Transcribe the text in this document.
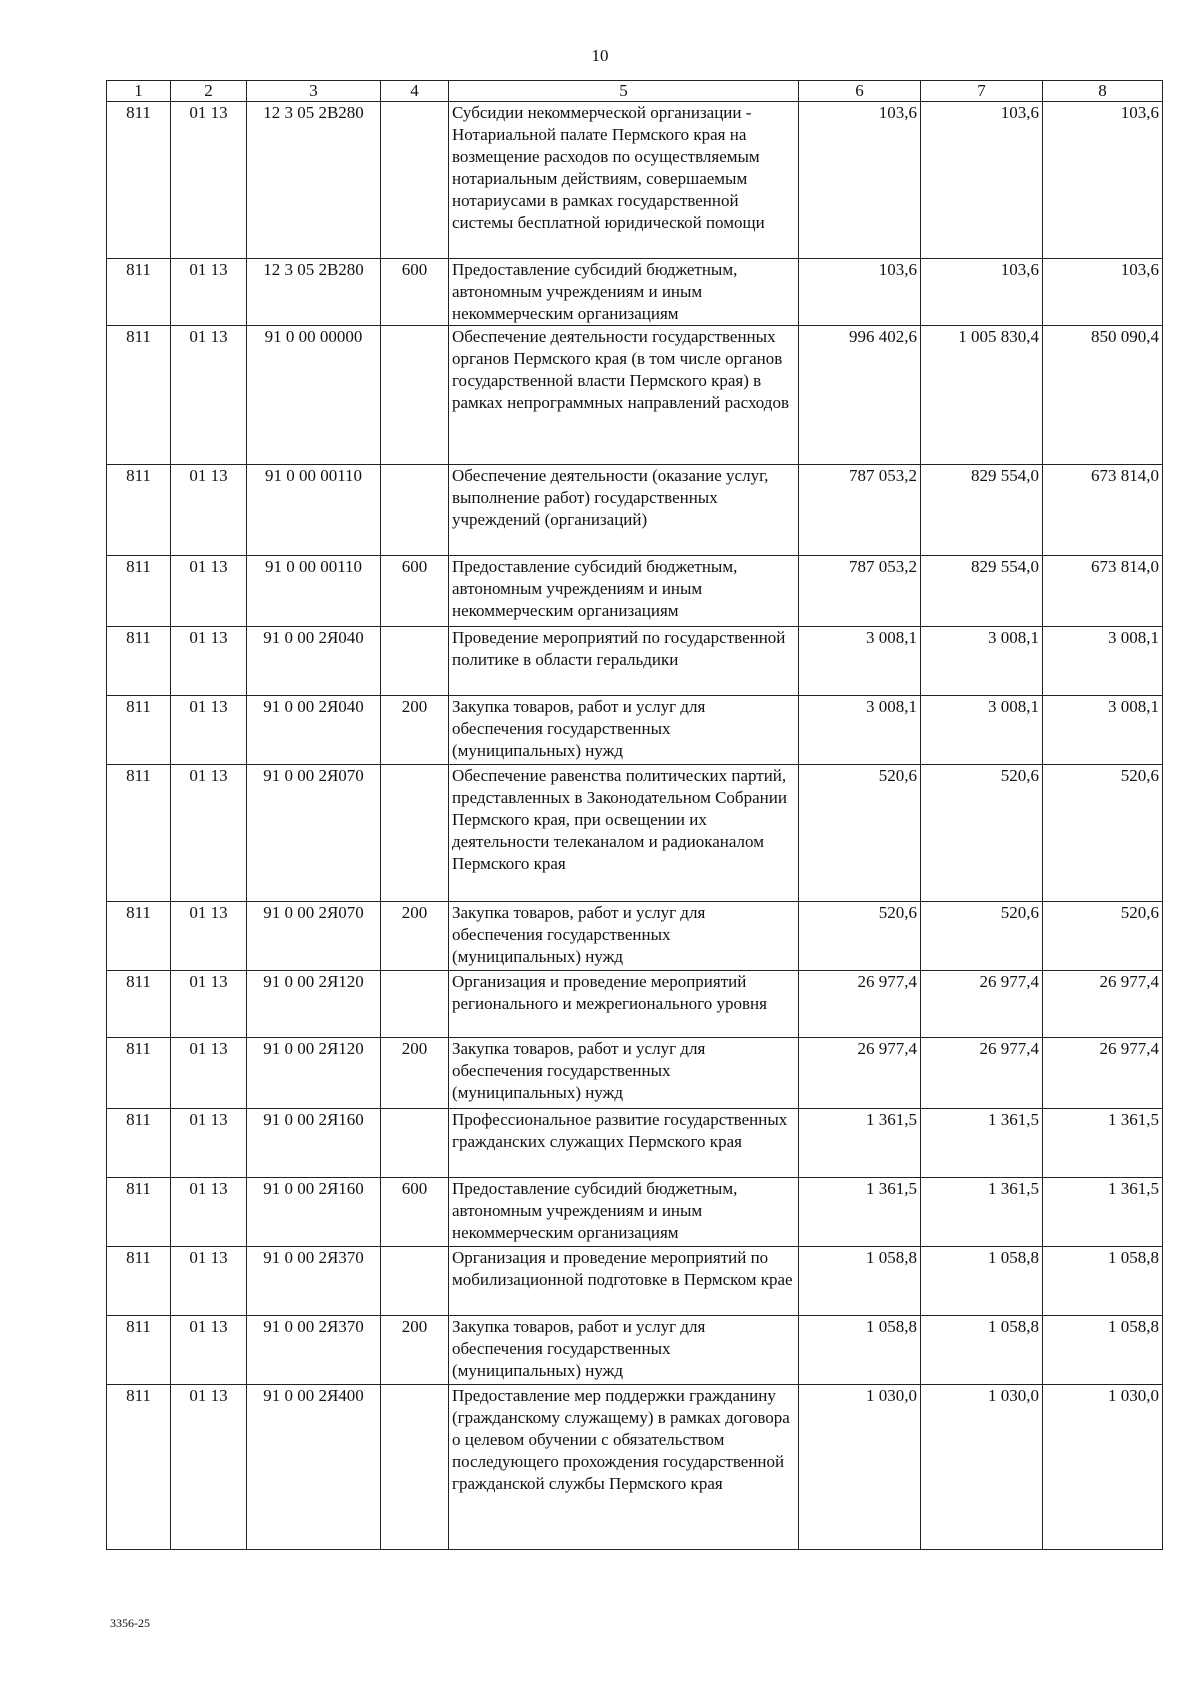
10
1	2	3	4	5	6	7	8
811	01 13	12 3 05 2В280		Субсидии некоммерческой организации - Нотариальной палате Пермского края на возмещение расходов по осуществляемым нотариальным действиям, совершаемым нотариусами в рамках государственной системы бесплатной юридической помощи	103,6	103,6	103,6
811	01 13	12 3 05 2В280	600	Предоставление субсидий бюджетным, автономным учреждениям и иным некоммерческим организациям	103,6	103,6	103,6
811	01 13	91 0 00 00000		Обеспечение деятельности государственных органов Пермского края (в том числе органов государственной власти Пермского края) в рамках непрограммных направлений расходов	996 402,6	1 005 830,4	850 090,4
811	01 13	91 0 00 00110		Обеспечение деятельности (оказание услуг, выполнение работ) государственных учреждений (организаций)	787 053,2	829 554,0	673 814,0
811	01 13	91 0 00 00110	600	Предоставление субсидий бюджетным, автономным учреждениям и иным некоммерческим организациям	787 053,2	829 554,0	673 814,0
811	01 13	91 0 00 2Я040		Проведение мероприятий по государственной политике в области геральдики	3 008,1	3 008,1	3 008,1
811	01 13	91 0 00 2Я040	200	Закупка товаров, работ и услуг для обеспечения государственных (муниципальных) нужд	3 008,1	3 008,1	3 008,1
811	01 13	91 0 00 2Я070		Обеспечение равенства политических партий, представленных в Законодательном Собрании Пермского края, при освещении их деятельности телеканалом и радиоканалом Пермского края	520,6	520,6	520,6
811	01 13	91 0 00 2Я070	200	Закупка товаров, работ и услуг для обеспечения государственных (муниципальных) нужд	520,6	520,6	520,6
811	01 13	91 0 00 2Я120		Организация и проведение мероприятий регионального и межрегионального уровня	26 977,4	26 977,4	26 977,4
811	01 13	91 0 00 2Я120	200	Закупка товаров, работ и услуг для обеспечения государственных (муниципальных) нужд	26 977,4	26 977,4	26 977,4
811	01 13	91 0 00 2Я160		Профессиональное развитие государственных гражданских служащих Пермского края	1 361,5	1 361,5	1 361,5
811	01 13	91 0 00 2Я160	600	Предоставление субсидий бюджетным, автономным учреждениям и иным некоммерческим организациям	1 361,5	1 361,5	1 361,5
811	01 13	91 0 00 2Я370		Организация и проведение мероприятий по мобилизационной подготовке в Пермском крае	1 058,8	1 058,8	1 058,8
811	01 13	91 0 00 2Я370	200	Закупка товаров, работ и услуг для обеспечения государственных (муниципальных) нужд	1 058,8	1 058,8	1 058,8
811	01 13	91 0 00 2Я400		Предоставление мер поддержки гражданину (гражданскому служащему) в рамках договора о целевом обучении с обязательством последующего прохождения государственной гражданской службы Пермского края	1 030,0	1 030,0	1 030,0
3356-25
